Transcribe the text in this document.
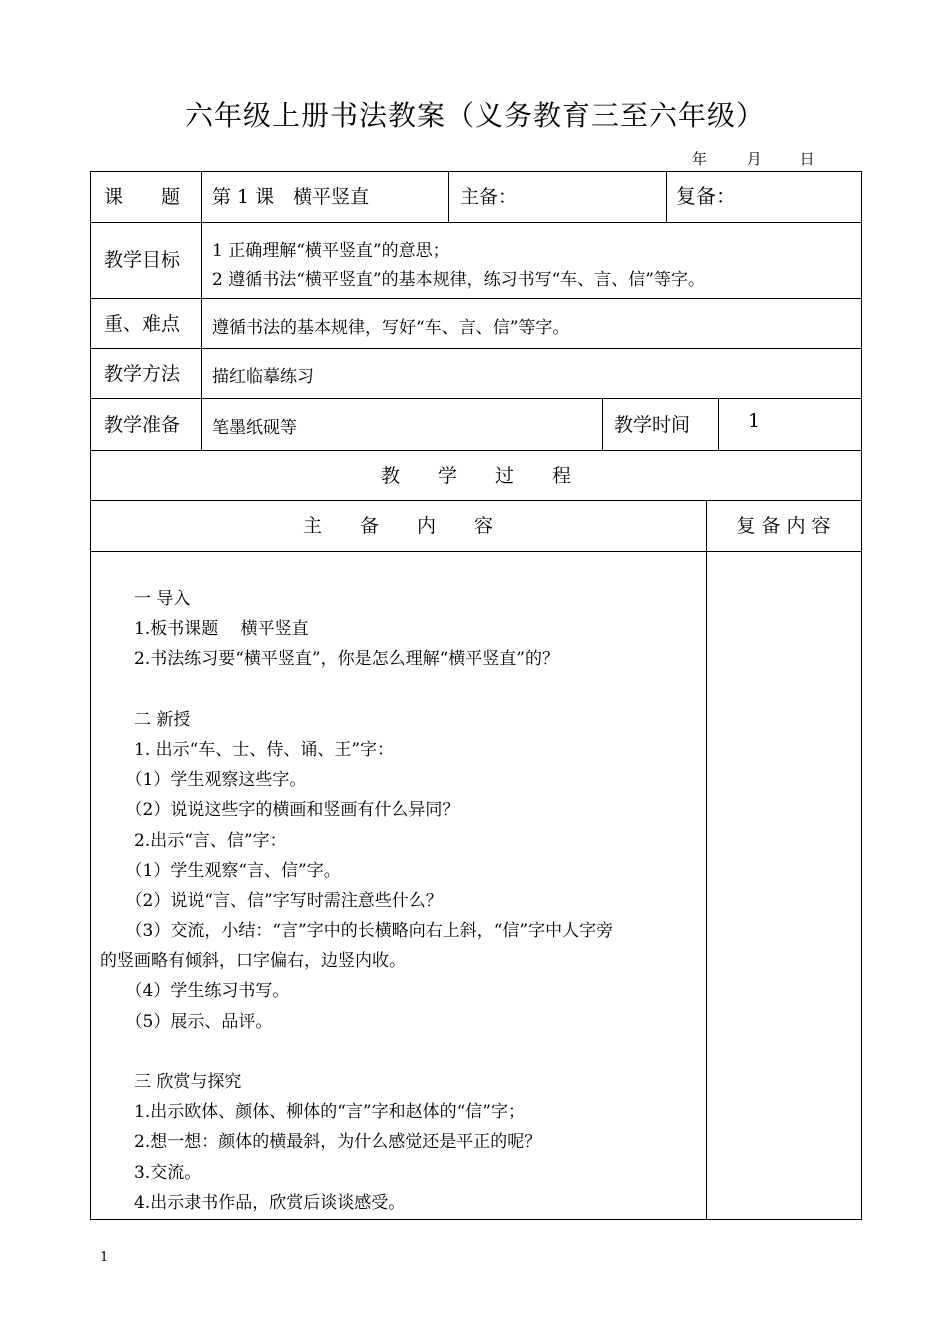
六年级上册书法教案（义务教育三至六年级）
年	月	日
课　　题 第 1 课　横平竖直	主备：	复备：
教学目标 1 正确理解“横平竖直”的意思；
2 遵循书法“横平竖直”的基本规律，练习书写“车、言、信”等字。
重、难点 遵循书法的基本规律，写好“车、言、信”等字。
教学方法 描红临摹练习
教学准备 笔墨纸砚等	教学时间	1
教　　学　　过　　程
主　　备　　内　　容	复 备 内 容
　　一 导入
　　1.板书课题　 横平竖直
　　2.书法练习要“横平竖直”，你是怎么理解“横平竖直”的？
　　二 新授
　　1. 出示“车、士、侍、诵、王”字：
　　（1）学生观察这些字。
　　（2）说说这些字的横画和竖画有什么异同？
　　2.出示“言、信”字：
　　（1）学生观察“言、信”字。
　　（2）说说“言、信”字写时需注意些什么？
　　（3）交流，小结：“言”字中的长横略向右上斜，“信”字中人字旁
的竖画略有倾斜，口字偏右，边竖内收。
　　（4）学生练习书写。
　　（5）展示、品评。
　　三 欣赏与探究
　　1.出示欧体、颜体、柳体的“言”字和赵体的“信”字；
　　2.想一想：颜体的横最斜，为什么感觉还是平正的呢？
　　3.交流。
　　4.出示隶书作品，欣赏后谈谈感受。
1
